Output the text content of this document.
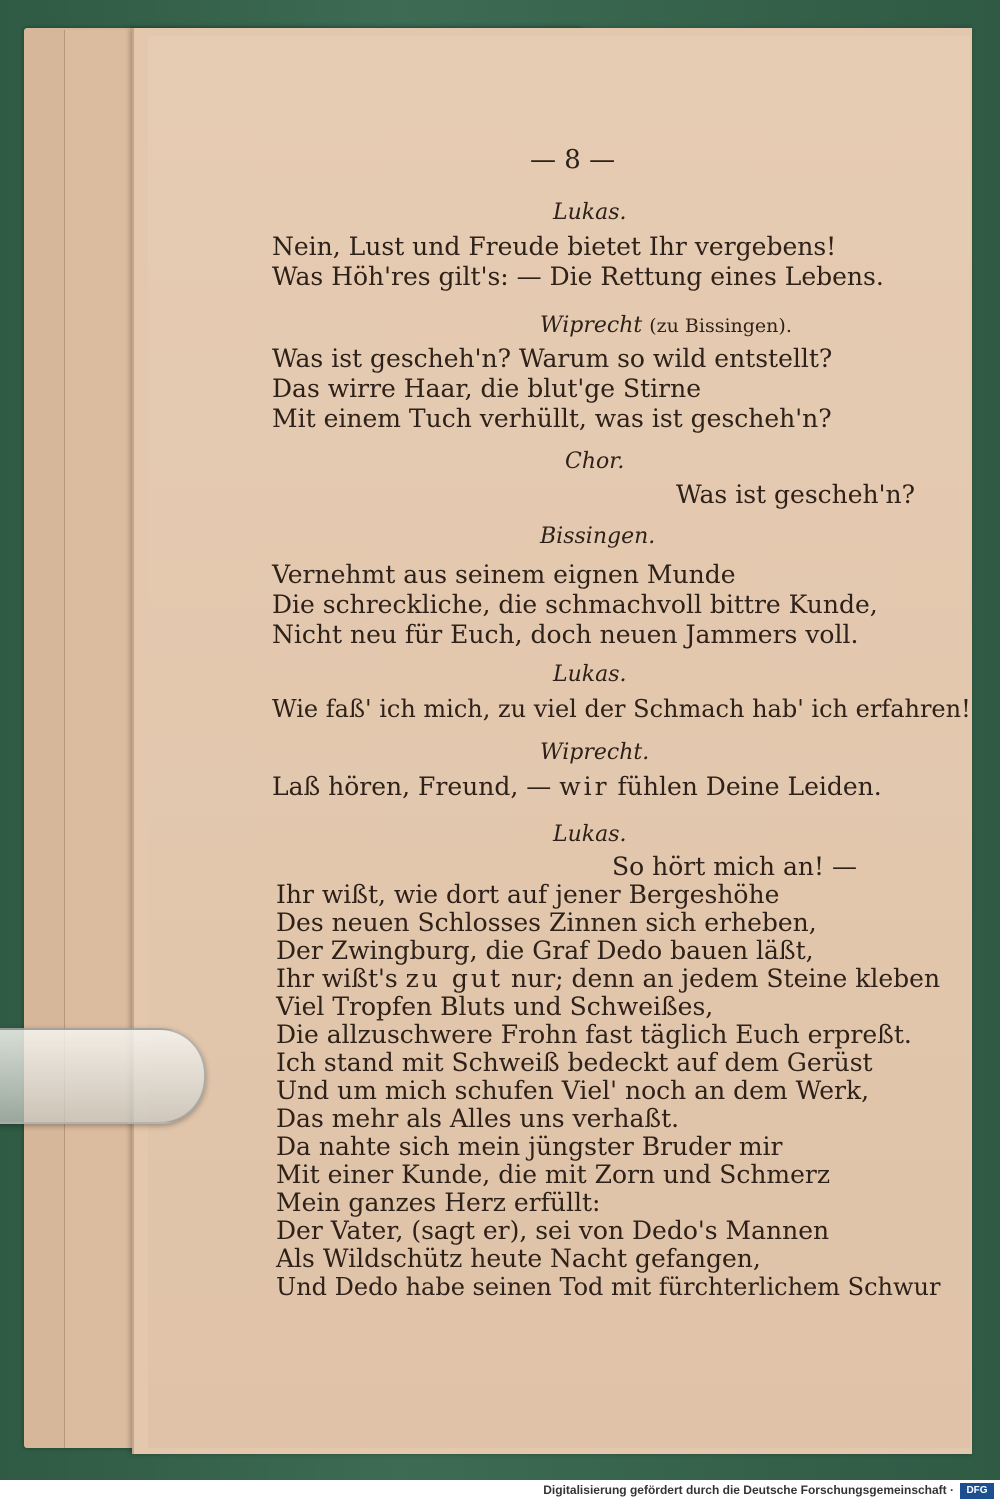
— 8 —
Lukas.
Nein, Lust und Freude bietet Ihr vergebens!
Was Höh'res gilt's: — Die Rettung eines Lebens.
Wiprecht (zu Bissingen).
Was ist gescheh'n? Warum so wild entstellt?
Das wirre Haar, die blut'ge Stirne
Mit einem Tuch verhüllt, was ist gescheh'n?
Chor.
Was ist gescheh'n?
Bissingen.
Vernehmt aus seinem eignen Munde
Die schreckliche, die schmachvoll bittre Kunde,
Nicht neu für Euch, doch neuen Jammers voll.
Lukas.
Wie faß' ich mich, zu viel der Schmach hab' ich erfahren!
Wiprecht.
Laß hören, Freund, — wir fühlen Deine Leiden.
Lukas.
So hört mich an! —
Ihr wißt, wie dort auf jener Bergeshöhe
Des neuen Schlosses Zinnen sich erheben,
Der Zwingburg, die Graf Dedo bauen läßt,
Ihr wißt's zu gut nur; denn an jedem Steine kleben
Viel Tropfen Bluts und Schweißes,
Die allzuschwere Frohn fast täglich Euch erpreßt.
Ich stand mit Schweiß bedeckt auf dem Gerüst
Und um mich schufen Viel' noch an dem Werk,
Das mehr als Alles uns verhaßt.
Da nahte sich mein jüngster Bruder mir
Mit einer Kunde, die mit Zorn und Schmerz
Mein ganzes Herz erfüllt:
Der Vater, (sagt er), sei von Dedo's Mannen
Als Wildschütz heute Nacht gefangen,
Und Dedo habe seinen Tod mit fürchterlichem Schwur
Digitalisierung gefördert durch die Deutsche Forschungsgemeinschaft ·	DFG
